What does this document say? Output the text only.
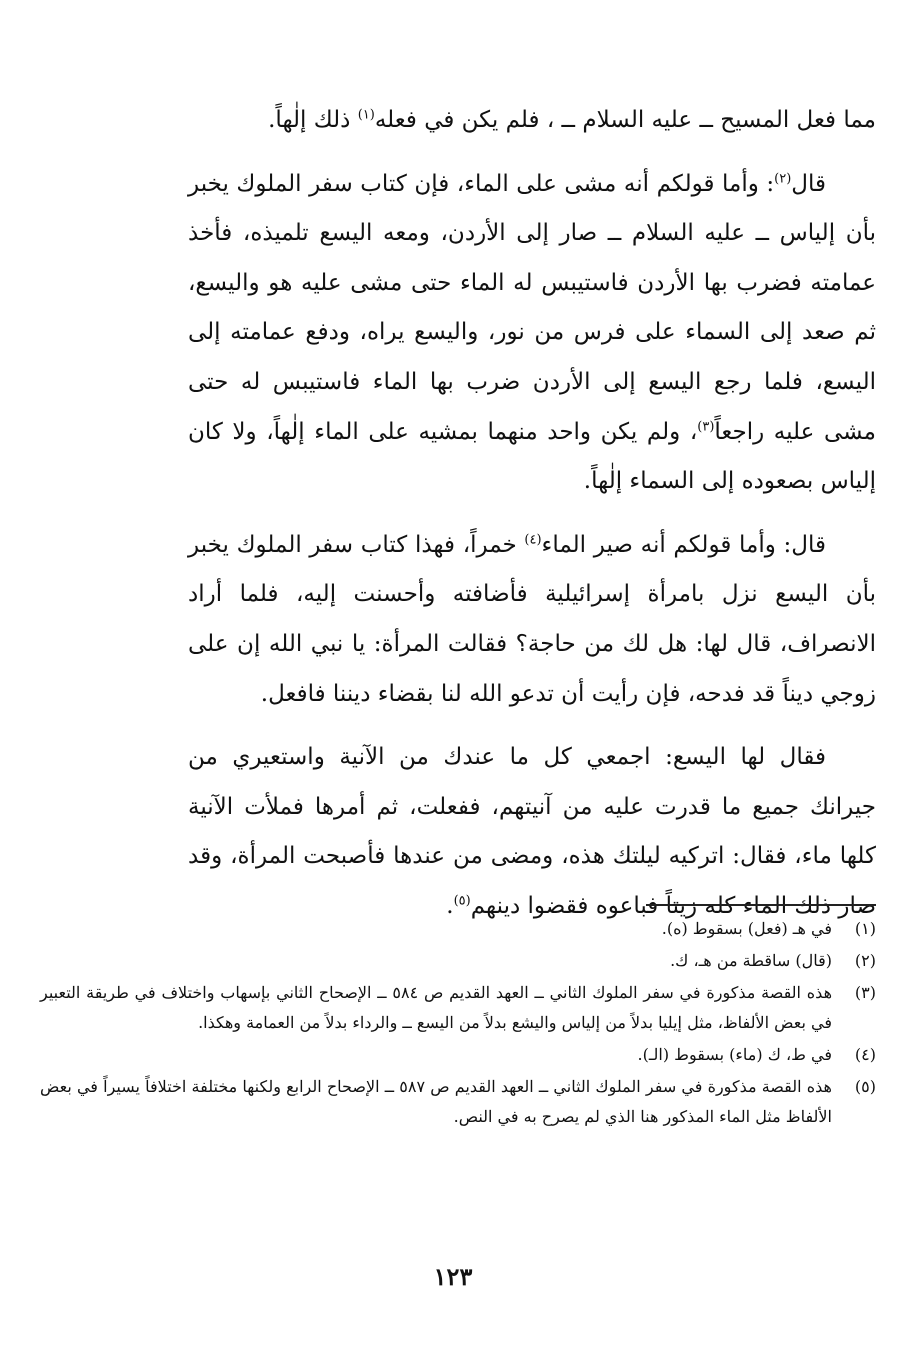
مما فعل المسيح ــ عليه السلام ــ ، فلم يكن في فعله$^{(١)}$ ذلك إلٰهاً.

قال$^{(٢)}$: وأما قولكم أنه مشى على الماء، فإن كتاب سفر الملوك يخبر بأن إلياس ــ عليه السلام ــ صار إلى الأردن، ومعه اليسع تلميذه، فأخذ عمامته فضرب بها الأردن فاستيبس له الماء حتى مشى عليه هو واليسع، ثم صعد إلى السماء على فرس من نور، واليسع يراه، ودفع عمامته إلى اليسع، فلما رجع اليسع إلى الأردن ضرب بها الماء فاستيبس له حتى مشى عليه راجعاً$^{(٣)}$، ولم يكن واحد منهما بمشيه على الماء إلٰهاً، ولا كان إلياس بصعوده إلى السماء إلٰهاً.

قال: وأما قولكم أنه صير الماء$^{(٤)}$ خمراً، فهذا كتاب سفر الملوك يخبر بأن اليسع نزل بامرأة إسرائيلية فأضافته وأحسنت إليه، فلما أراد الانصراف، قال لها: هل لك من حاجة؟ فقالت المرأة: يا نبي الله إن على زوجي ديناً قد فدحه، فإن رأيت أن تدعو الله لنا بقضاء ديننا فافعل.

فقال لها اليسع: اجمعي كل ما عندك من الآنية واستعيري من جيرانك جميع ما قدرت عليه من آنيتهم، ففعلت، ثم أمرها فملأت الآنية كلها ماء، فقال: اتركيه ليلتك هذه، ومضى من عندها فأصبحت المرأة، وقد صار ذلك الماء كله زيتاً فباعوه فقضوا دينهم$^{(٥)}$.

(١)
في هـ (فعل) بسقوط (ه).
(٢)
(قال) ساقطة من هـ، ك.
(٣)
هذه القصة مذكورة في سفر الملوك الثاني ــ العهد القديم ص ٥٨٤ ــ الإصحاح الثاني بإسهاب واختلاف في طريقة التعبير في بعض الألفاظ، مثل إيليا بدلاً من إلياس واليشع بدلاً من اليسع ــ والرداء بدلاً من العمامة وهكذا.
(٤)
في ط، ك (ماء) بسقوط (الـ).
(٥)
هذه القصة مذكورة في سفر الملوك الثاني ــ العهد القديم ص ٥٨٧ ــ الإصحاح الرابع ولكنها مختلفة اختلافاً يسيراً في بعض الألفاظ مثل الماء المذكور هنا الذي لم يصرح به في النص.
١٢٣
